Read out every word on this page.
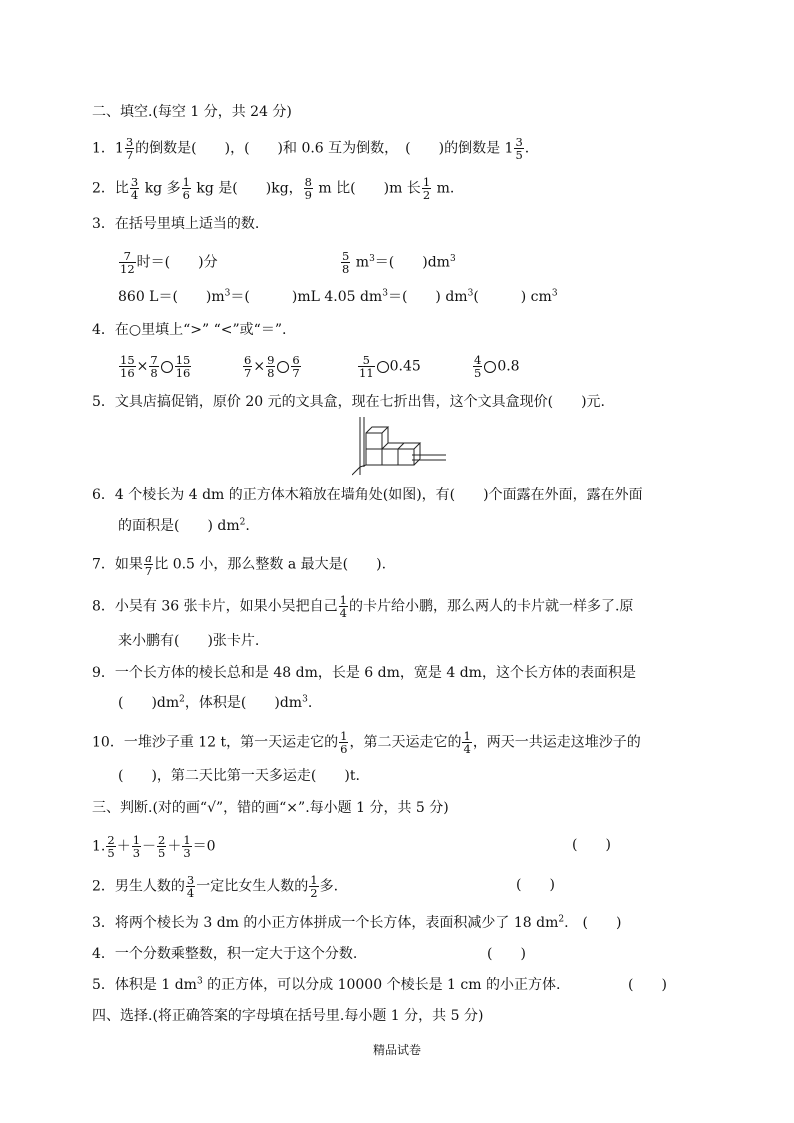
二、填空.(每空 1 分，共 24 分)
1．$1 \frac{3}{7}$ 的倒数是(　　)，(　　)和 0.6 互为倒数，　(　　)的倒数是 $1 \frac{3}{5}$ .
2．比 $\frac{3}{4}$ kg 多 $\frac{1}{6}$ kg 是(　　)kg， $\frac{8}{9}$ m 比(　　)m 长 $\frac{1}{2} m$.
3．在括号里填上适当的数.
$\frac{7}{12}$ 时＝(　　)分	$\frac{5}{8} m^3=$(　　)$dm^3$
860 L＝(　　)$m^3=$(　　　)mL 4.05 $dm^3=$(　　) $dm^3$(　　　) $cm^3$
4．在○里填上“>” “<”或“＝”.
$\frac{15}{16} \times \frac{7}{8} \frac{15}{16}$	$\frac{6}{7} \times \frac{9}{8} \frac{6}{7}$	$\frac{5}{11} 0.45$	$\frac{4}{5} 0.8$
5．文具店搞促销，原价 20 元的文具盒，现在七折出售，这个文具盒现价(　　)元.
6．4 个棱长为 4 dm 的正方体木箱放在墙角处(如图)，有(　　)个面露在外面，露在外面
的面积是(　　) $dm^2$.
7．如果 $\frac{a}{7}$ 比 0.5 小，那么整数 a 最大是(　　).
8．小吴有 36 张卡片，如果小吴把自己 $\frac{1}{4}$ 的卡片给小鹏，那么两人的卡片就一样多了.原
来小鹏有(　　)张卡片.
9．一个长方体的棱长总和是 48 dm，长是 6 dm，宽是 4 dm，这个长方体的表面积是
(　　)$dm^2$，体积是(　　)$dm^3$.
10．一堆沙子重 12 t，第一天运走它的 $\frac{1}{6}$ ，第二天运走它的 $\frac{1}{4}$ ，两天一共运走这堆沙子的
(　　)，第二天比第一天多运走(　　)t.
三、判断.(对的画“√”，错的画“×”.每小题 1 分，共 5 分)
1. $\frac{2}{5} + \frac{1}{3} - \frac{2}{5} + \frac{1}{3} =0$	(　　)
2．男生人数的 $\frac{3}{4}$ 一定比女生人数的 $\frac{1}{2}$ 多.	(　　)
3．将两个棱长为 3 dm 的小正方体拼成一个长方体，表面积减少了 18 $dm^2$.　(　　)
4．一个分数乘整数，积一定大于这个分数.	(　　)
5．体积是 1 $dm^3$ 的正方体，可以分成 10000 个棱长是 1 cm 的小正方体.	(　　)
四、选择.(将正确答案的字母填在括号里.每小题 1 分，共 5 分)
精品试卷
